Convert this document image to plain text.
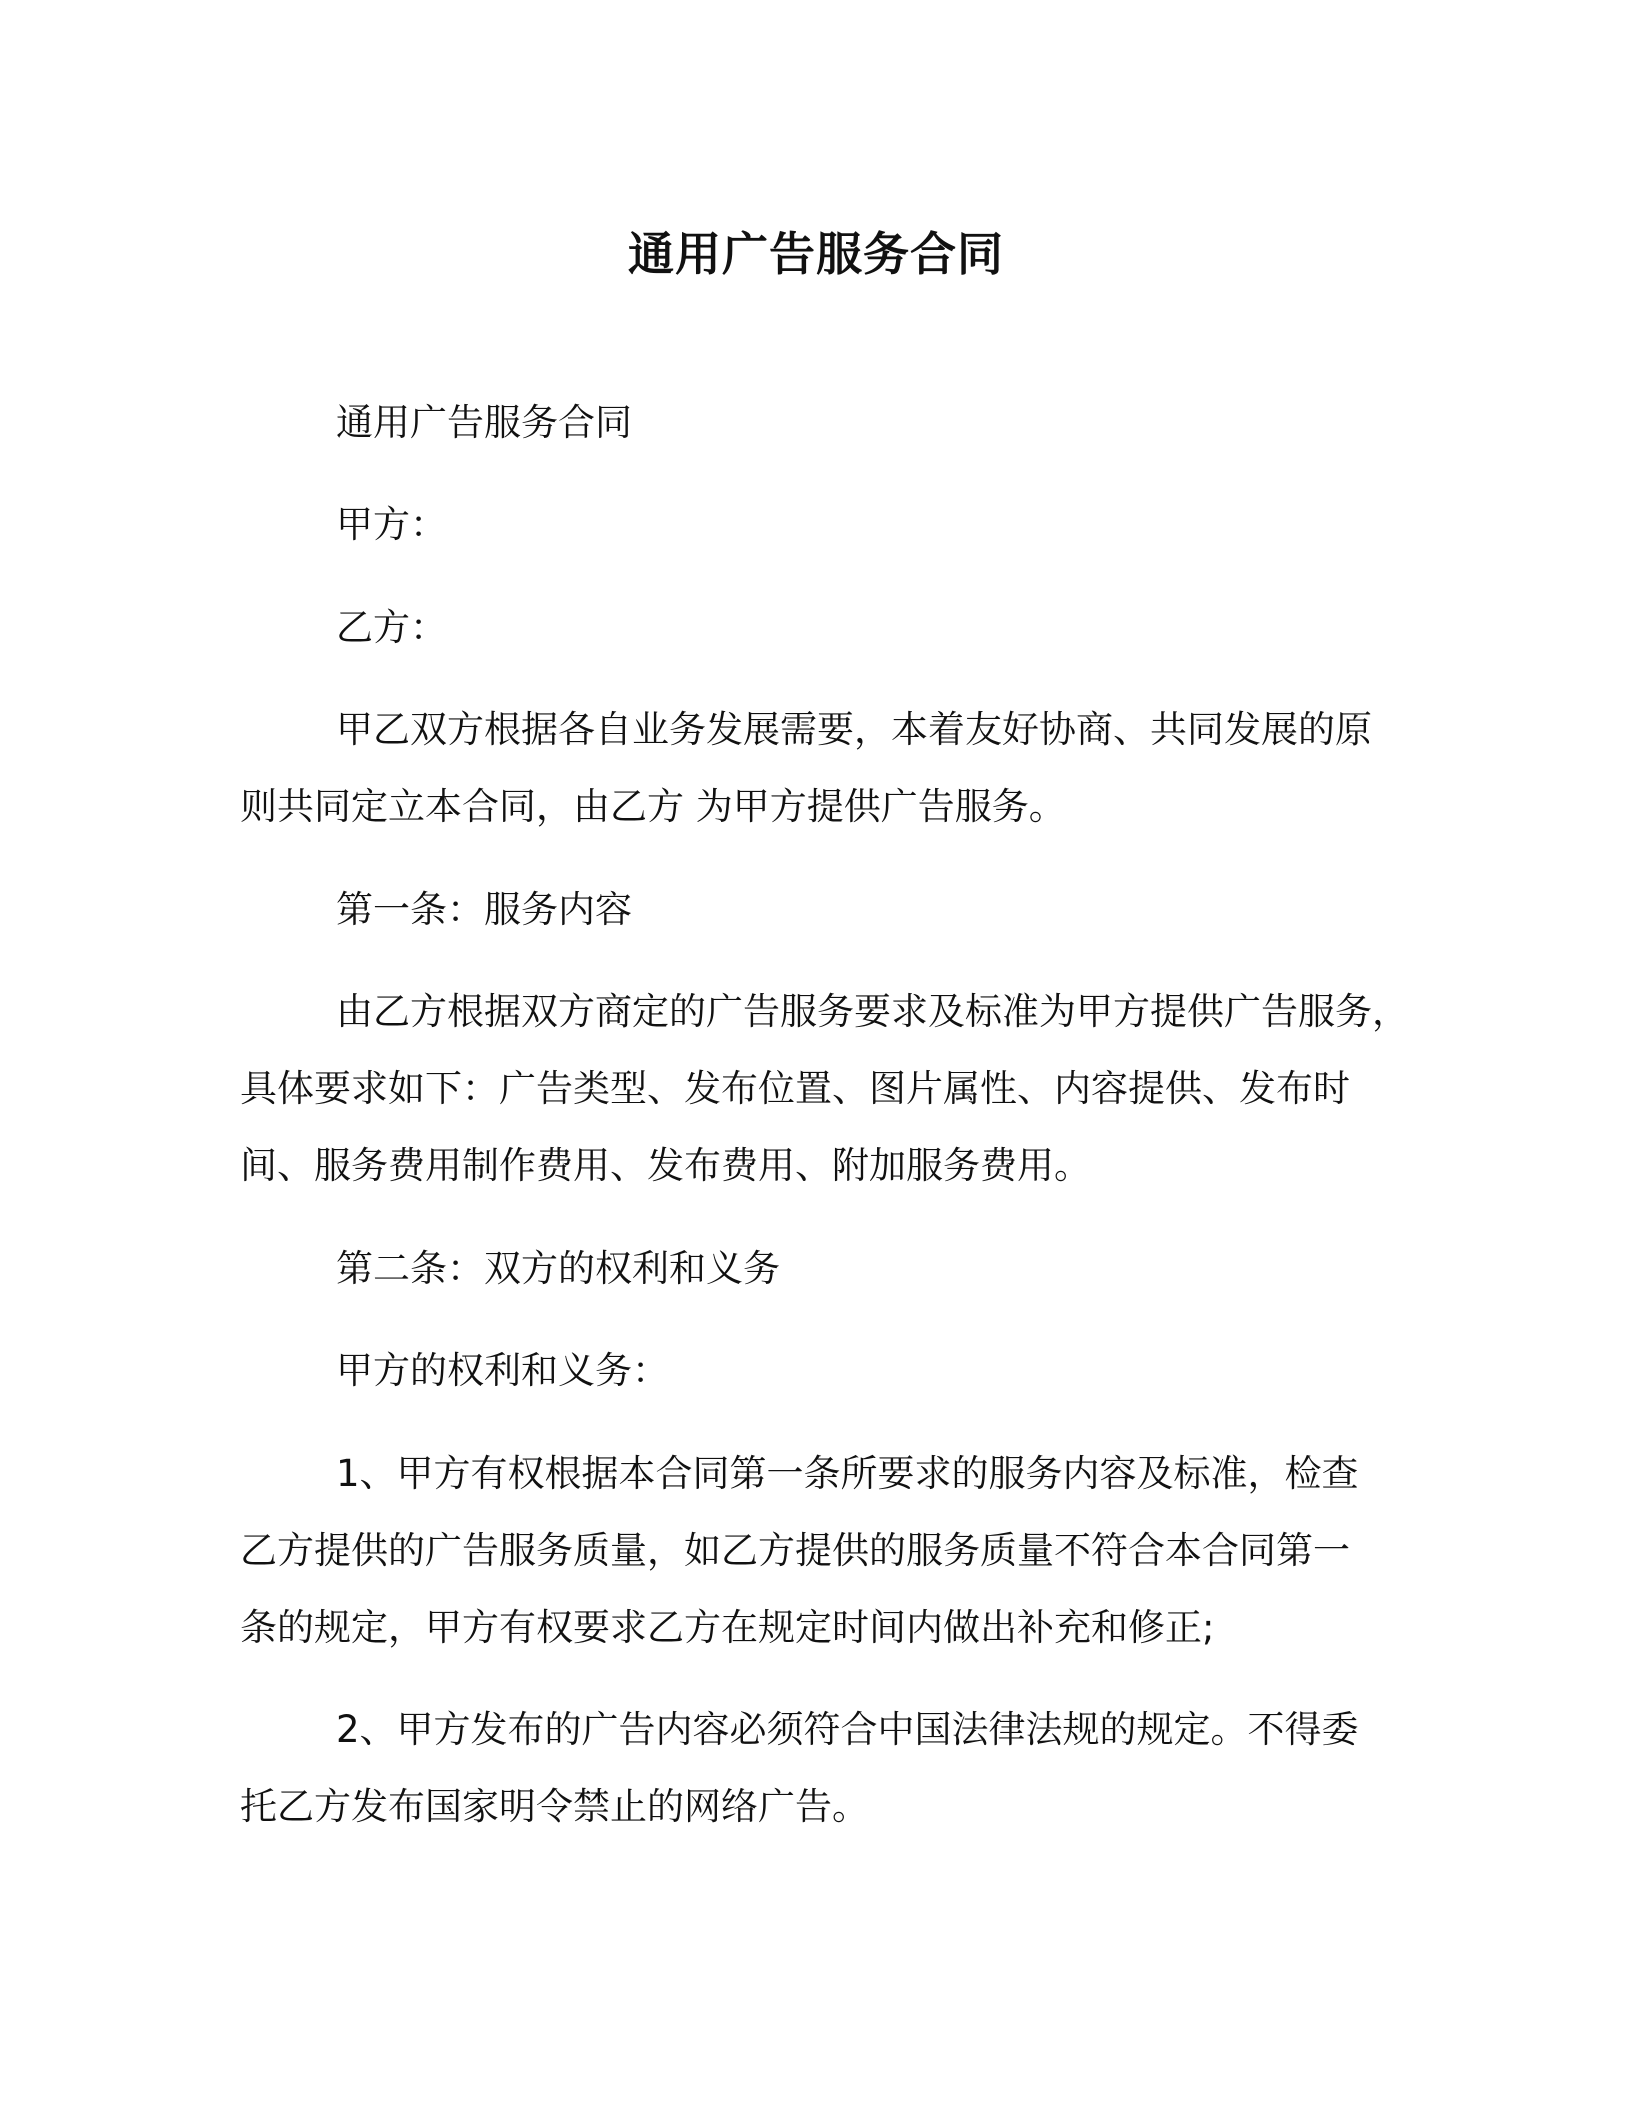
通用广告服务合同
通用广告服务合同
甲方：
乙方：
甲乙双方根据各自业务发展需要，本着友好协商、共同发展的原
则共同定立本合同，由乙方 为甲方提供广告服务。
第一条：服务内容
由乙方根据双方商定的广告服务要求及标准为甲方提供广告服务，
具体要求如下：广告类型、发布位置、图片属性、内容提供、发布时
间、服务费用制作费用、发布费用、附加服务费用。
第二条：双方的权利和义务
甲方的权利和义务：
1、甲方有权根据本合同第一条所要求的服务内容及标准，检查
乙方提供的广告服务质量，如乙方提供的服务质量不符合本合同第一
条的规定，甲方有权要求乙方在规定时间内做出补充和修正;
2、甲方发布的广告内容必须符合中国法律法规的规定。不得委
托乙方发布国家明令禁止的网络广告。
